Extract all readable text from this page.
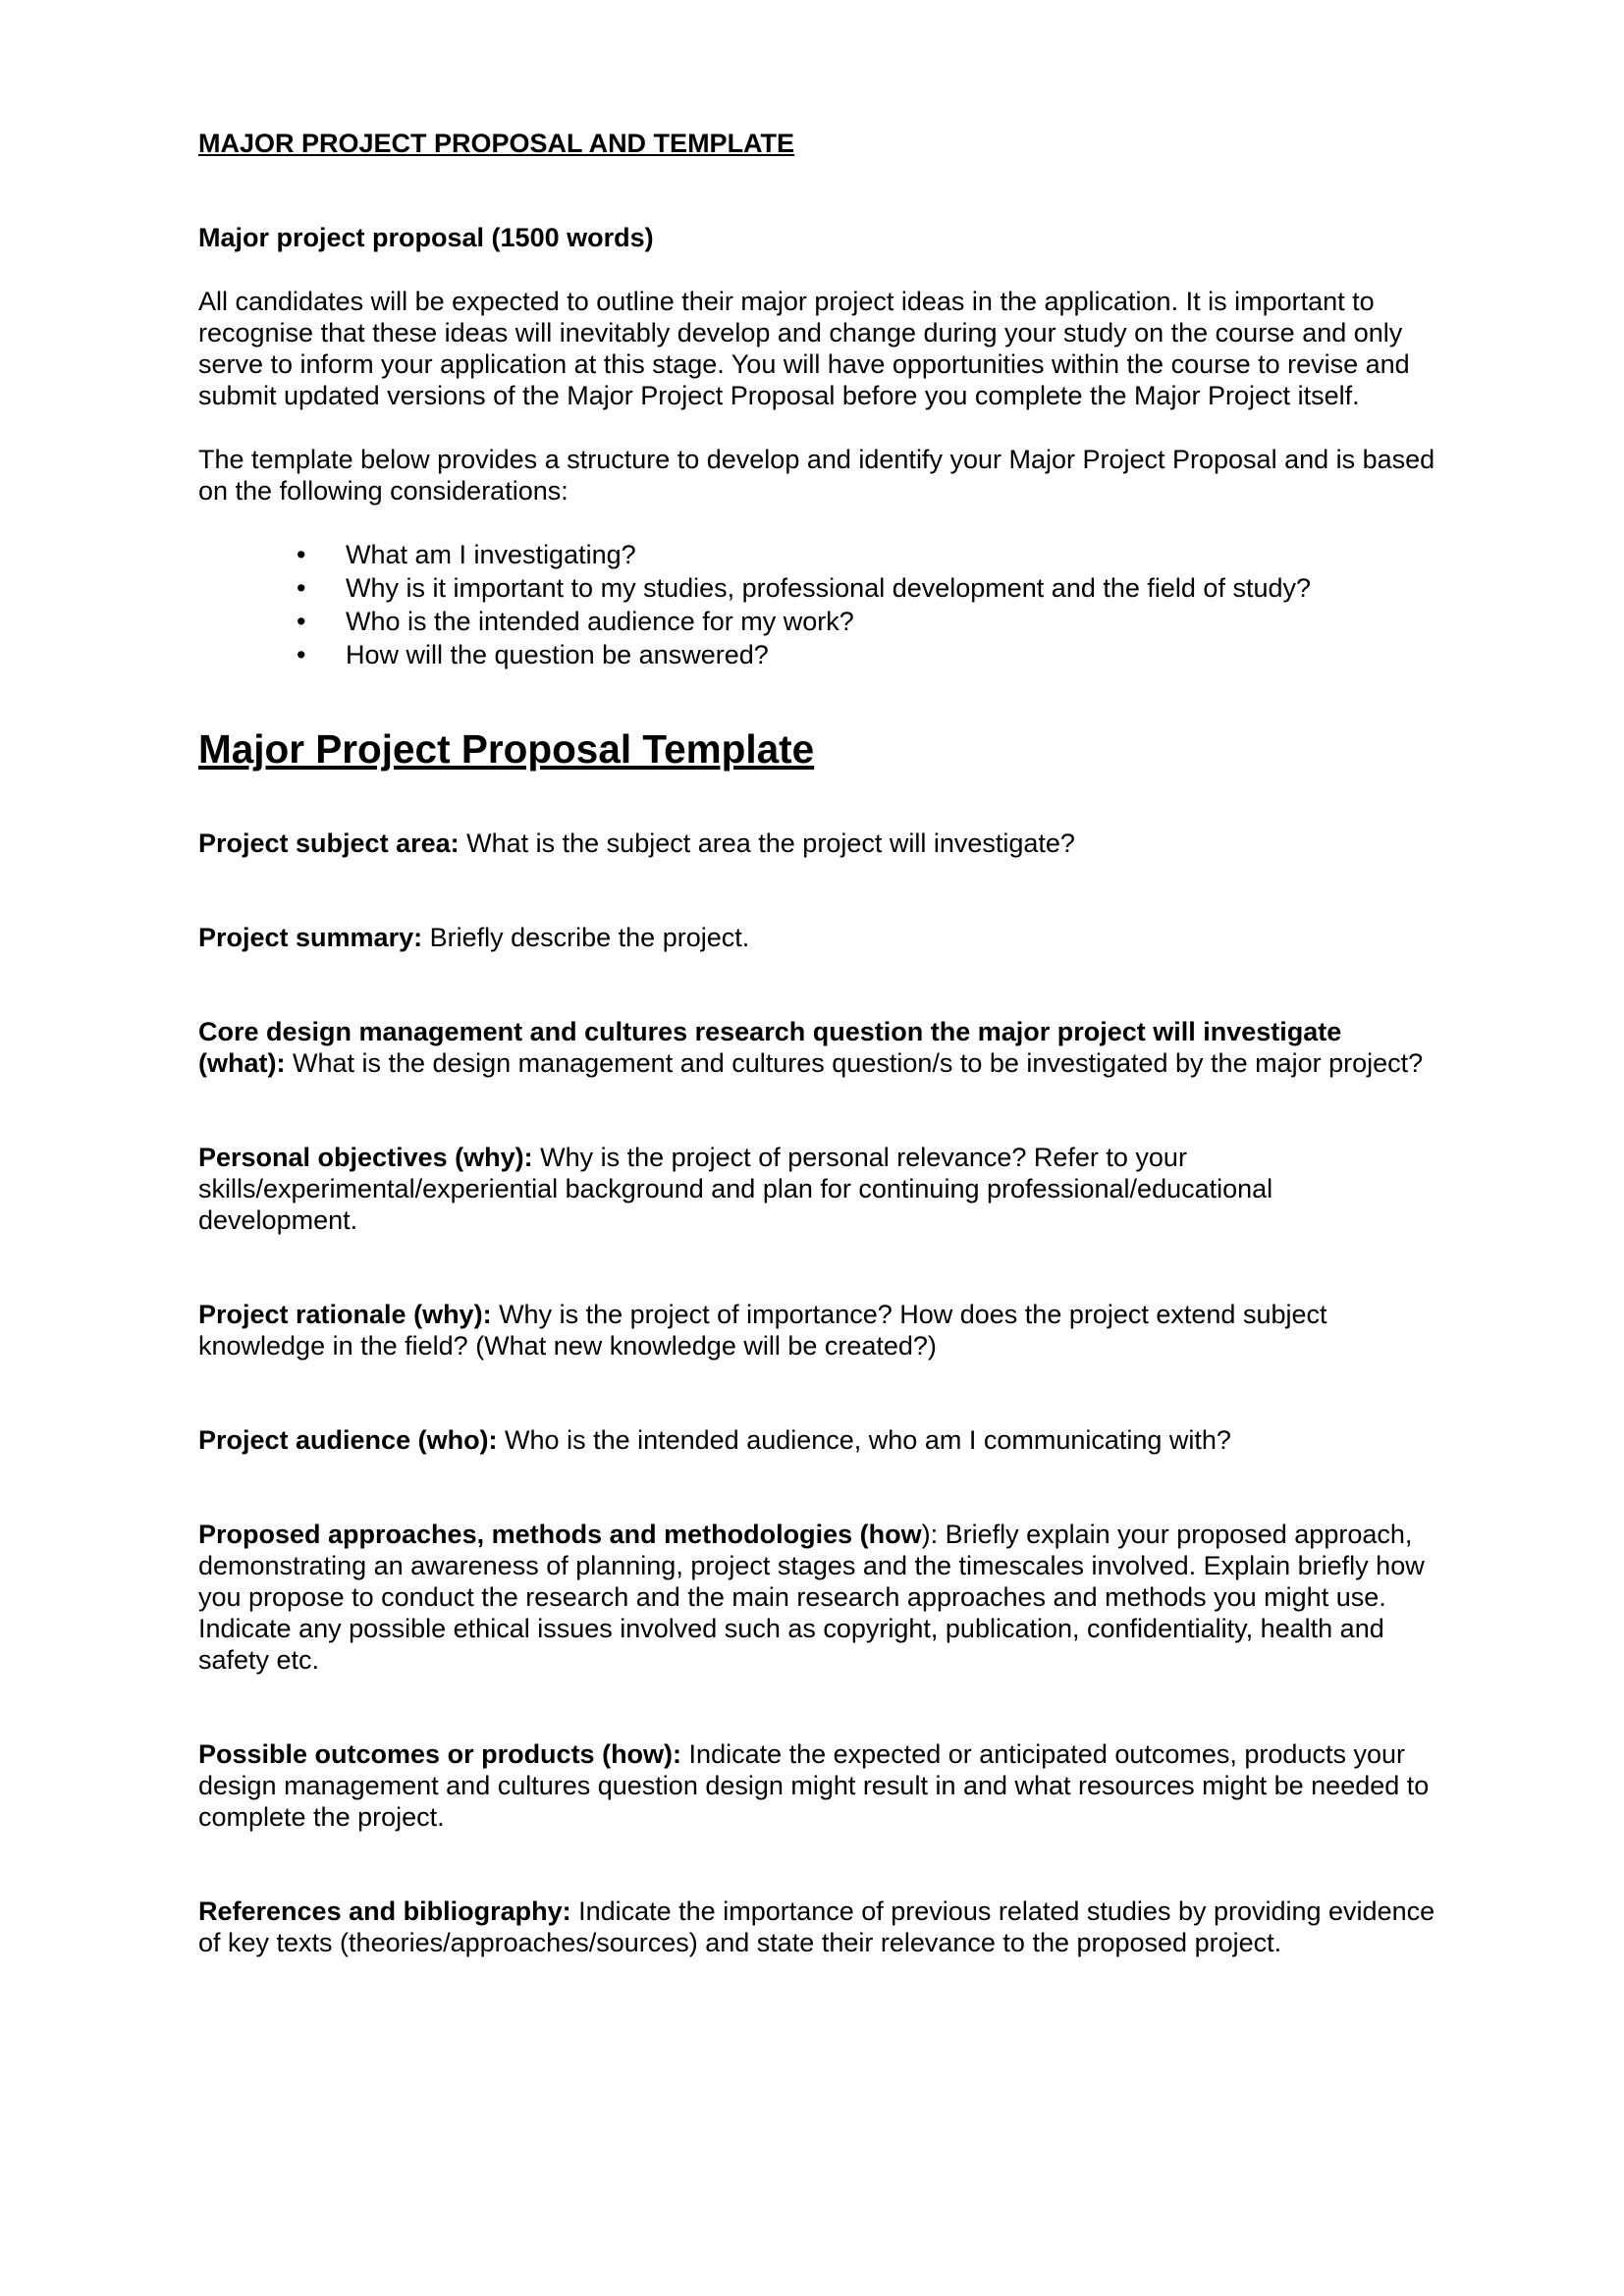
MAJOR PROJECT PROPOSAL AND TEMPLATE
Major project proposal (1500 words)

All candidates will be expected to outline their major project ideas in the application. It is important to recognise that these ideas will inevitably develop and change during your study on the course and only serve to inform your application at this stage. You will have opportunities within the course to revise and submit updated versions of the Major Project Proposal before you complete the Major Project itself.

The template below provides a structure to develop and identify your Major Project Proposal and is based on the following considerations:

• What am I investigating?
• Why is it important to my studies, professional development and the field of study?
• Who is the intended audience for my work?
• How will the question be answered?
Major Project Proposal Template

Project subject area: What is the subject area the project will investigate?

Project summary: Briefly describe the project.

Core design management and cultures research question the major project will investigate (what): What is the design management and cultures question/s to be investigated by the major project?

Personal objectives (why): Why is the project of personal relevance? Refer to your skills/experimental/experiential background and plan for continuing professional/educational development.

Project rationale (why): Why is the project of importance? How does the project extend subject knowledge in the field? (What new knowledge will be created?)

Project audience (who): Who is the intended audience, who am I communicating with?

Proposed approaches, methods and methodologies (how): Briefly explain your proposed approach, demonstrating an awareness of planning, project stages and the timescales involved. Explain briefly how you propose to conduct the research and the main research approaches and methods you might use. Indicate any possible ethical issues involved such as copyright, publication, confidentiality, health and safety etc.

Possible outcomes or products (how): Indicate the expected or anticipated outcomes, products your design management and cultures question design might result in and what resources might be needed to complete the project.

References and bibliography: Indicate the importance of previous related studies by providing evidence of key texts (theories/approaches/sources) and state their relevance to the proposed project.
